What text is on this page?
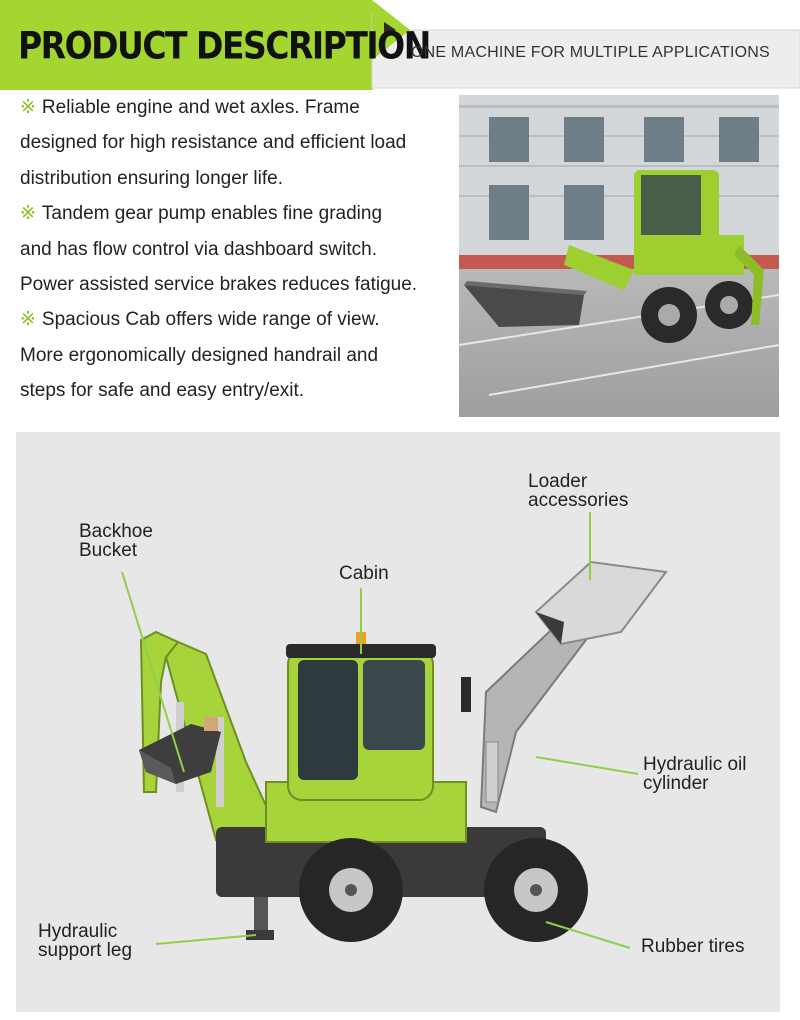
PRODUCT DESCRIPTION
ONE MACHINE FOR MULTIPLE APPLICATIONS
※ Reliable engine and wet axles. Frame
designed for high resistance and efficient load
distribution ensuring longer life.
※ Tandem gear pump enables fine grading
and has flow control via dashboard switch.
Power assisted service brakes reduces fatigue.
※ Spacious Cab offers wide range of view.
More ergonomically designed handrail and
steps for safe and easy entry/exit.
Backhoe
Bucket
Cabin
Loader
accessories
Hydraulic oil
cylinder
Hydraulic
support leg	Rubber tires
